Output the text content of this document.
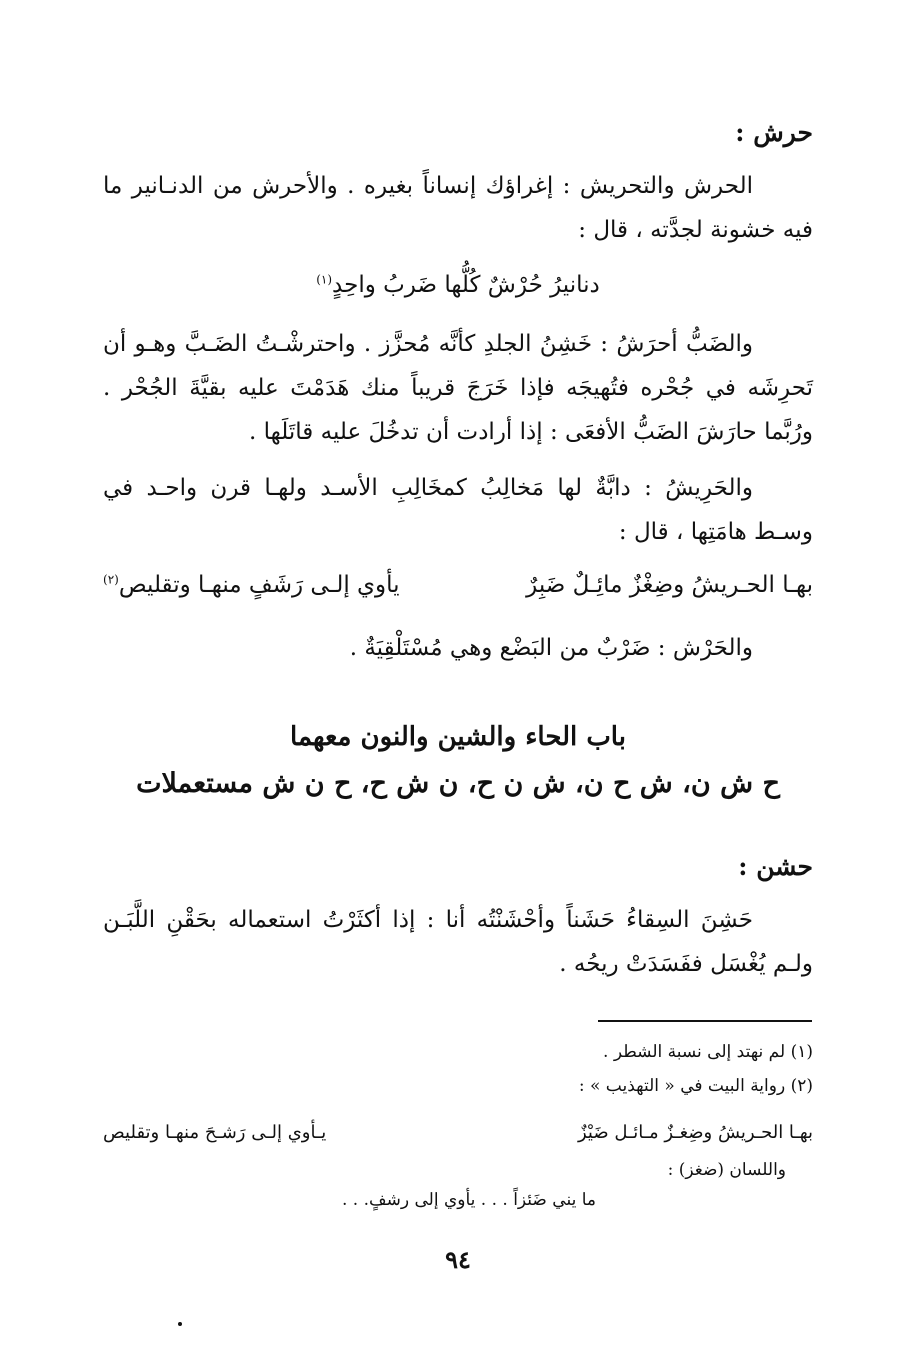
حرش :

الحرش والتحريش : إغراؤك إنساناً بغيره . والأحرش من الدنـانير ما فيه خشونة لجدَّته ، قال :

دنانيرُ حُرْشٌ كُلُّها ضَربُ واحِدٍ$^{(١)}$

والضَبُّ أحرَشُ : خَشِنُ الجلدِ كأنَّه مُحزَّز . واحترشْـتُ الضَـبَّ وهـو أن تَحرِشَه في جُحْره فتُهيجَه فإذا خَرَجَ قريباً منك هَدَمْتَ عليه بقيَّةَ الجُحْر . ورُبَّما حارَشَ الضَبُّ الأفعَى : إذا أرادت أن تدخُلَ عليه قاتَلَها .

والحَرِيشُ : دابَّةٌ لها مَخالِبُ كمخَالِبِ الأسـد ولهـا قرن واحـد في وسـط هامَتِها ، قال :

بهـا الحـريشُ وضِغْزٌ مائِـلٌ ضَبِرٌ
يأوي إلـى رَشَفٍ منهـا وتقليص$^{(٢)}$

والحَرْش : ضَرْبٌ من البَضْع وهي مُسْتَلْقِيَةٌ .

باب الحاء والشين والنون معهما
ح ش ن، ش ح ن، ش ن ح، ن ش ح، ح ن ش مستعملات
حشن :

حَشِنَ السِقاءُ حَشَناً وأحْشَنْتُه أنا : إذا أكثَرْتُ استعماله بحَقْنِ اللَّبَـن ولـم يُغْسَل ففَسَدَتْ ريحُه .

(١) لم نهتد إلى نسبة الشطر .
(٢) رواية البيت في « التهذيب » :
بهـا الحـريشُ وضِغـزٌ مـائـل ضَيْزٌ
يـأوي إلـى رَشـحَ منهـا وتقليص
واللسان (ضغز) :
ما يني ضَئزاً . . . يأوي إلى رشفٍ. . .
٩٤
